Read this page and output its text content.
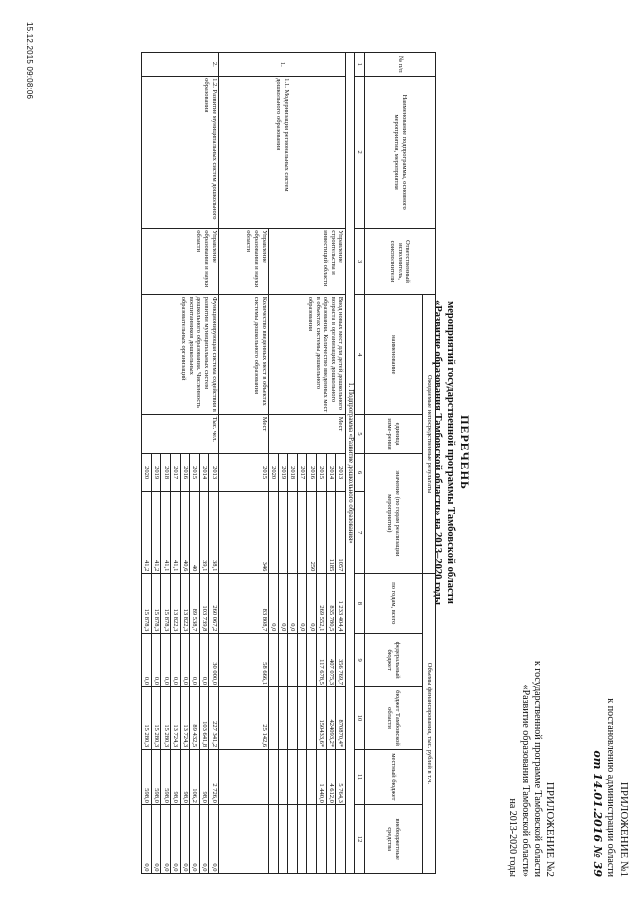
15.12.2015 09:08:06
ПРИЛОЖЕНИЕ №1
к постановлению администрации области
от 14.01.2016 № 39
ПРИЛОЖЕНИЕ №2
к государственной программе Тамбовской области
«Развитие образования Тамбовской области»
на 2013-2020 годы
ПЕРЕЧЕНЬ
мероприятий государственной программы Тамбовской области
«Развитие образования Тамбовской области» на 2013–2020 годы
№ п/п	Наименование подпрограммы, основного мероприятия, мероприятия	Ответственный исполнитель, соисполнители	Ожидаемые непосредственные результаты				Объемы финансирования, тыс. рублей в т.ч.				
			наименование	единица изме-рения	значение (по годам реализации мероприятия)		по годам, всего	федеральный бюджет	бюджет Тамбовской области	местный бюджет	внебюджетные средства
1	2	3	4	5	6	7	8	9	10	11	12
1. Подпрограмма «Развитие дошкольного образования»											
1.	1.1. Модернизация региональных систем дошкольного образования	Управление строительства и инвестиций области	Ввод новых мест для детей дошкольного возраста в организациях дошкольного образования. Количество введенных мест в объектах системы дошкольного образования	Мест	2013	1057	1 233 404,4	356 769,7	870870,4*	5 764,3	
					2014	1185	835 780,5	407 075,3	424093,2*	4 612,0	
					2015		269 552,1	117 678,5	150433,6*	1 440,0	
					2016	250	0,0				
					2017		0,0				
					2018		0,0				
					2019		0,0				
					2020		0,0				
		Управление образования и науки области	Количество введенных мест в объектах системы дошкольного образования	Мест	2015	346	83 808,7	58 666,1	25 142,6		
2.	1.2. Развитие муниципальных систем дошкольного образования	Управление образования и науки области	Функционирующая система содействия в развитии муниципальных систем дошкольного образования. Численность воспитанников дошкольных образовательных организаций	Тыс. чел.	2013	38,1	260 067,2	30 000,0	227 341,2	2 726,0	0,0
					2014	39,1	103 739,8	0,0	103 641,8	98,0	0,0
					2015	40	89 538,7	0,0	89 432,5	106,2	0,0
					2016	40,6	13 822,3	0,0	13 724,3	98,0	0,0
					2017	41,1	13 822,3	0,0	13 724,3	98,0	0,0
					2018	41,1	15 878,3	0,0	15 280,3	598,0	0,0
					2019	41,2	15 878,3	0,0	15 280,3	598,0	0,0
					2020	41,2	15 878,3	0,0	15 280,3	598,0	0,0
